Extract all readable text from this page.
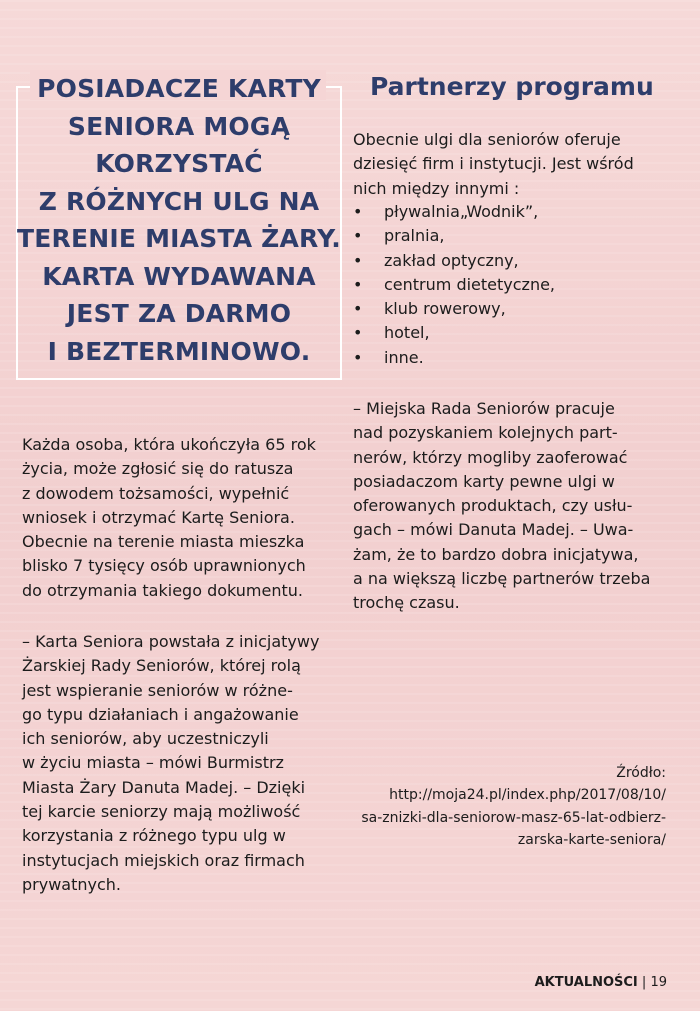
POSIADACZE KARTY
SENIORA MOGĄ
KORZYSTAĆ
Z RÓŻNYCH ULG NA
TERENIE MIASTA ŻARY.
KARTA WYDAWANA
JEST ZA DARMO
I BEZTERMINOWO.
Każda osoba, która ukończyła 65 rok
życia, może zgłosić się do ratusza
z dowodem tożsamości, wypełnić
wniosek i otrzymać Kartę Seniora.
Obecnie na terenie miasta mieszka
blisko 7 tysięcy osób uprawnionych
do otrzymania takiego dokumentu.
– Karta Seniora powstała z inicjatywy
Żarskiej Rady Seniorów, której rolą
jest wspieranie seniorów w różne-
go typu działaniach i angażowanie
ich seniorów, aby uczestniczyli
w życiu miasta – mówi Burmistrz
Miasta Żary Danuta Madej. – Dzięki
tej karcie seniorzy mają możliwość
korzystania z różnego typu ulg w
instytucjach miejskich oraz firmach
prywatnych.
Partnerzy programu
Obecnie ulgi dla seniorów oferuje
dziesięć firm i instytucji. Jest wśród
nich między innymi :
• pływalnia„Wodnik”,
• pralnia,
• zakład optyczny,
• centrum dietetyczne,
• klub rowerowy,
• hotel,
• inne.
– Miejska Rada Seniorów pracuje
nad pozyskaniem kolejnych part-
nerów, którzy mogliby zaoferować
posiadaczom karty pewne ulgi w
oferowanych produktach, czy usłu-
gach – mówi Danuta Madej. – Uwa-
żam, że to bardzo dobra inicjatywa,
a na większą liczbę partnerów trzeba
trochę czasu.
Źródło:
http://moja24.pl/index.php/2017/08/10/
sa-znizki-dla-seniorow-masz-65-lat-odbierz-
zarska-karte-seniora/
AKTUALNOŚCI | 19
